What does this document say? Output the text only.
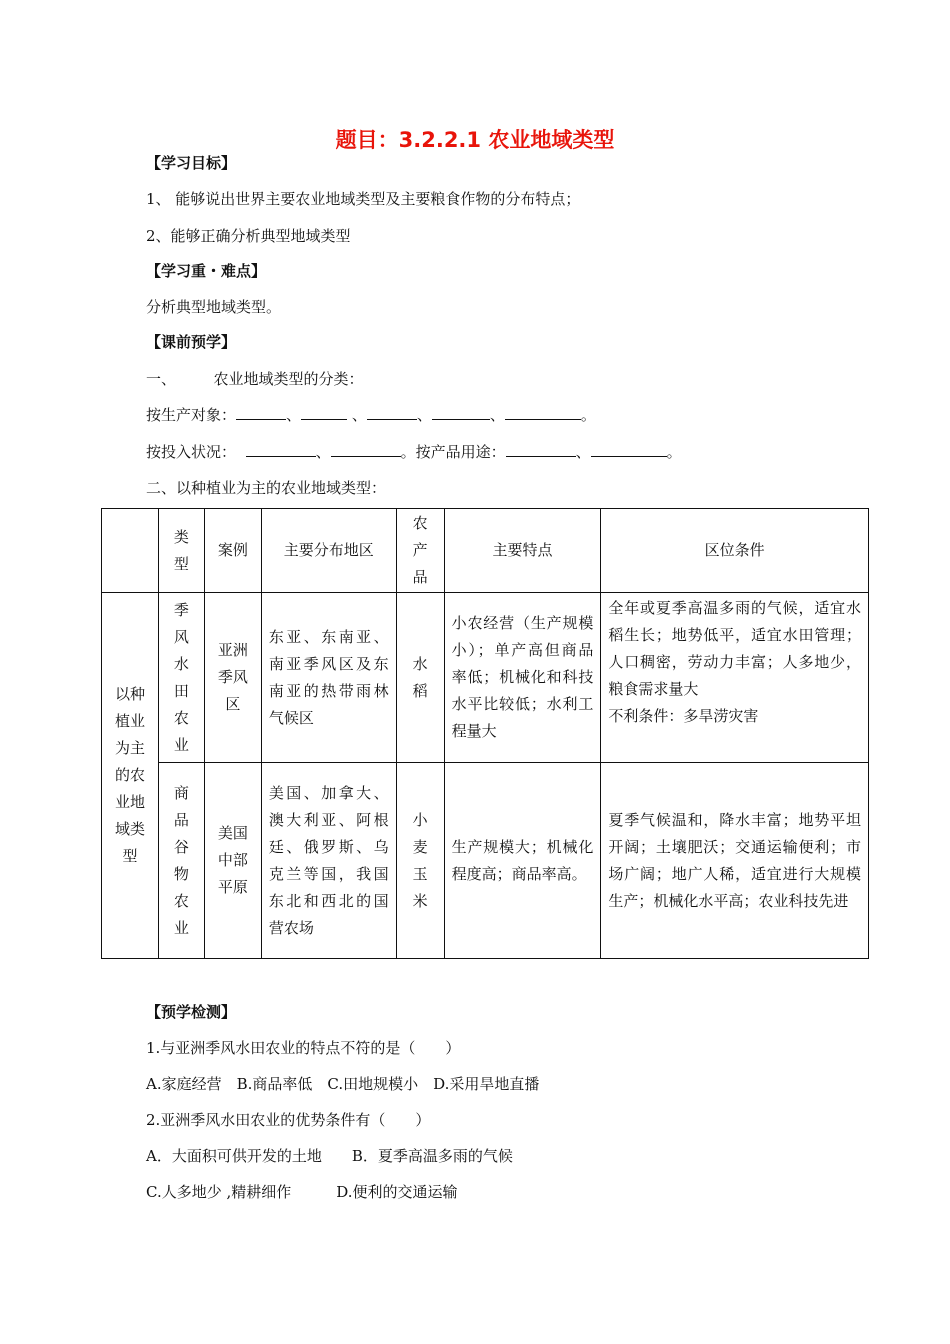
题目：3.2.2.1 农业地域类型
【学习目标】
1、 能够说出世界主要农业地域类型及主要粮食作物的分布特点；
2、能够正确分析典型地域类型
【学习重・难点】
分析典型地域类型。
【课前预学】
一、　　　农业地域类型的分类：
按生产对象：	、	、	、	、	。
按投入状况：	、	。按产品用途：	、	。
二、以种植业为主的农业地域类型：

	类型	案例	主要分布地区	农产品	主要特点	区位条件

以种植业为主的农业地域类型	季风水田农业	亚洲季风区	东亚、东南亚、南亚季风区及东南亚的热带雨林气候区	水稻	小农经营（生产规模小）；单产高但商品率低；机械化和科技水平比较低；水利工程量大	全年或夏季高温多雨的气候，适宜水稻生长；地势低平，适宜水田管理；人口稠密，劳动力丰富；人多地少，粮食需求量大
不利条件：多旱涝灾害

	商品谷物农业	美国中部平原	美国、加拿大、澳大利亚、阿根廷、俄罗斯、乌克兰等国，我国东北和西北的国营农场	小麦玉米	生产规模大；机械化程度高；商品率高。	夏季气候温和，降水丰富；地势平坦开阔；土壤肥沃；交通运输便利；市场广阔；地广人稀，适宜进行大规模生产；机械化水平高；农业科技先进
【预学检测】
1.与亚洲季风水田农业的特点不符的是（　　）
A.家庭经营　B.商品率低　C.田地规模小　D.采用旱地直播
2.亚洲季风水田农业的优势条件有（　　）
A．大面积可供开发的土地　　B．夏季高温多雨的气候
C.人多地少 ,精耕细作　　　D.便利的交通运输
